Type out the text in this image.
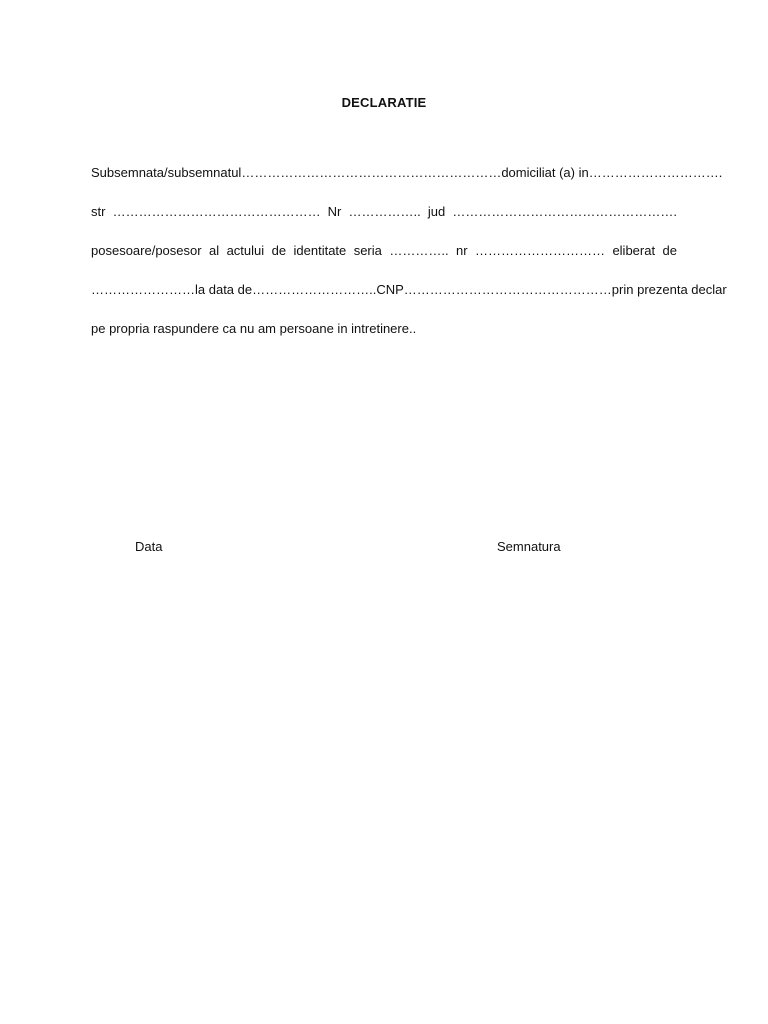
DECLARATIE
Subsemnata/subsemnatul …………………………………………………… domiciliat (a) in ………………………….
str ………………………………………… Nr …………….. jud …………………………………………….
posesoare/posesor al actului de identitate seria ………….. nr ………………………… eliberat de
…………………… la data de ……………………….. CNP ………………………………………… prin prezenta declar
pe propria raspundere ca nu am persoane in intretinere..
Data	Semnatura
